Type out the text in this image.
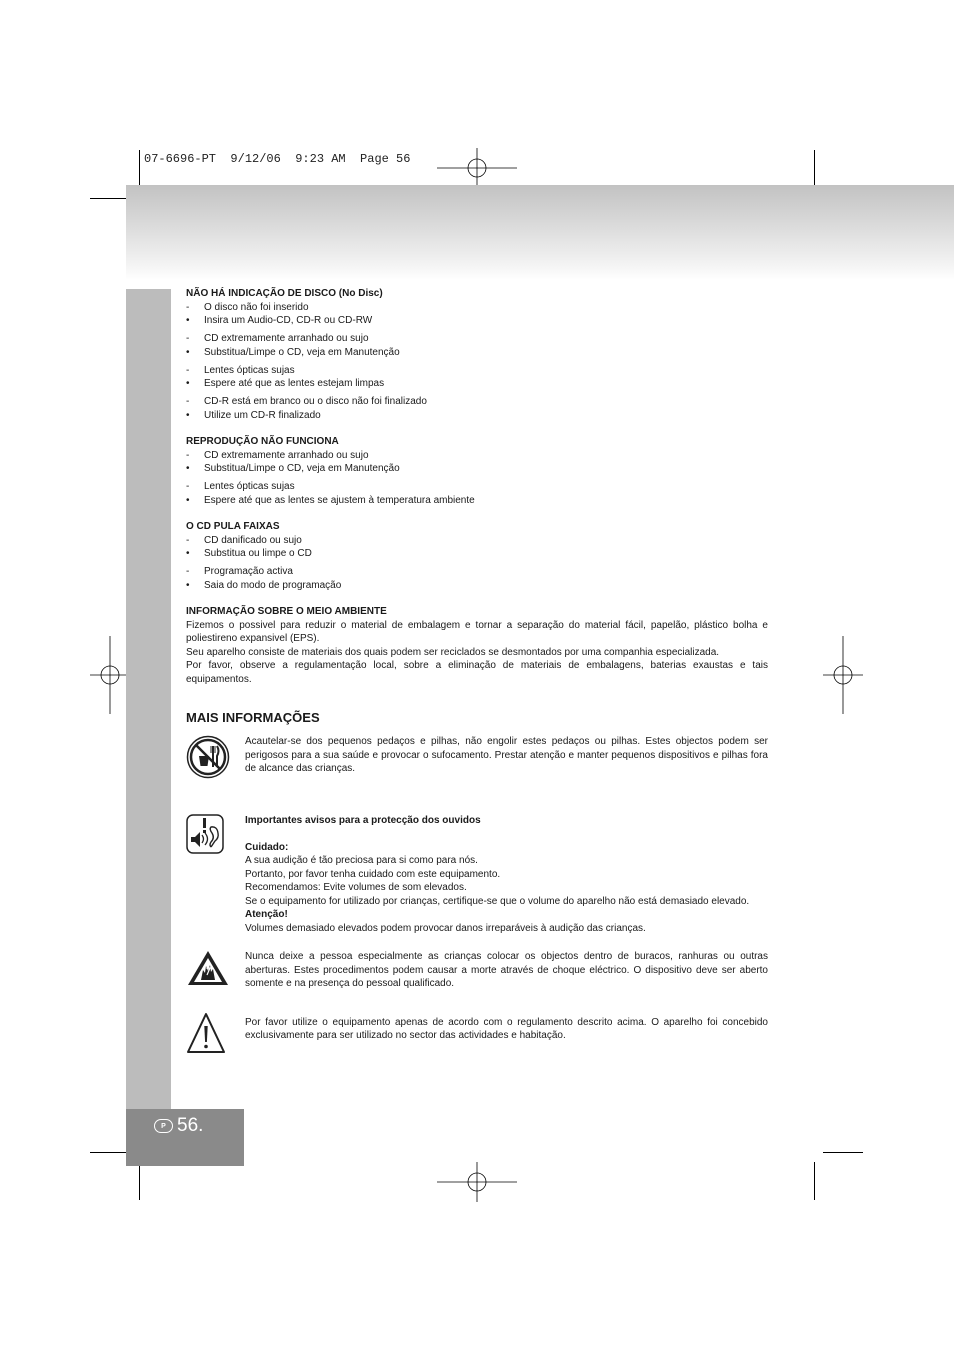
07-6696-PT  9/12/06  9:23 AM  Page 56
P 56.

NÃO HÁ INDICAÇÃO DE DISCO (No Disc)

-	O disco não foi inserido
•	Insira um Audio-CD, CD-R ou CD-RW
-	CD extremamente arranhado ou sujo
•	Substitua/Limpe o CD, veja em Manutenção
-	Lentes ópticas sujas
•	Espere até que as lentes estejam limpas
-	CD-R está em branco ou o disco não foi finalizado
•	Utilize um CD-R finalizado

REPRODUÇÃO NÃO FUNCIONA

-	CD extremamente arranhado ou sujo
•	Substitua/Limpe o CD, veja em Manutenção
-	Lentes ópticas sujas
•	Espere até que as lentes se ajustem à temperatura ambiente

O CD PULA FAIXAS

-	CD danificado ou sujo
•	Substitua ou limpe o CD
-	Programação activa
•	Saia do modo de programação

INFORMAÇÃO SOBRE O MEIO AMBIENTE

Fizemos o possivel para reduzir o material de embalagem e tornar a separação do material fácil, papelão, plástico bolha e poliestireno expansivel (EPS).

Seu aparelho consiste de materiais dos quais podem ser reciclados se desmontados por uma companhia especializada.

Por favor, observe a regulamentação local, sobre a eliminação de materiais de embalagens, baterias exaustas e tais equipamentos.

MAIS INFORMAÇÕES

Acautelar-se dos pequenos pedaços e pilhas, não engolir estes pedaços ou pilhas. Estes objectos podem ser perigosos para a sua saúde e provocar o sufocamento. Prestar atenção e manter pequenos dispositivos e pilhas fora de alcance das crianças.

Importantes avisos para a protecção dos ouvidos

Cuidado:

A sua audição é tão preciosa para si como para nós.

Portanto, por favor tenha cuidado com este equipamento.

Recomendamos: Evite volumes de som elevados.

Se o equipamento for utilizado por crianças, certifique-se que o volume do aparelho não está demasiado elevado.

Atenção!

Volumes demasiado elevados podem provocar danos irreparáveis à audição das crianças.

Nunca deixe a pessoa especialmente as crianças colocar os objectos dentro de buracos, ranhuras ou outras aberturas. Estes procedimentos podem causar a morte através de choque eléctrico. O dispositivo deve ser aberto somente e na presença do pessoal qualificado.

Por favor utilize o equipamento apenas de acordo com o regulamento descrito acima. O aparelho foi concebido exclusivamente para ser utilizado no sector das actividades e habitação.
